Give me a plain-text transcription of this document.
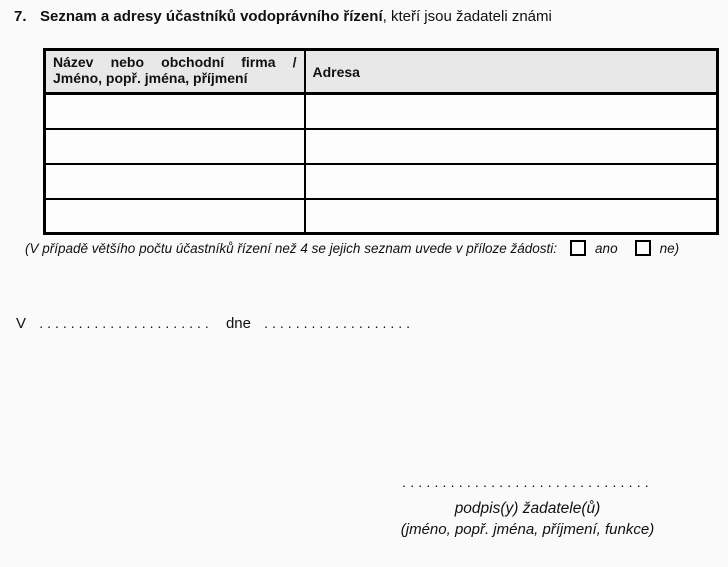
7. Seznam a adresy účastníků vodoprávního řízení, kteří jsou žadateli známi
Název nebo obchodní firma /
Jméno, popř. jména, příjmení	Adresa

(V případě většího počtu účastníků řízení než 4 se jejich seznam uvede v příloze žádosti:	ano	ne)
V ...................... dne ...................
...............................
podpis(y) žadatele(ů)
(jméno, popř. jména, příjmení, funkce)
